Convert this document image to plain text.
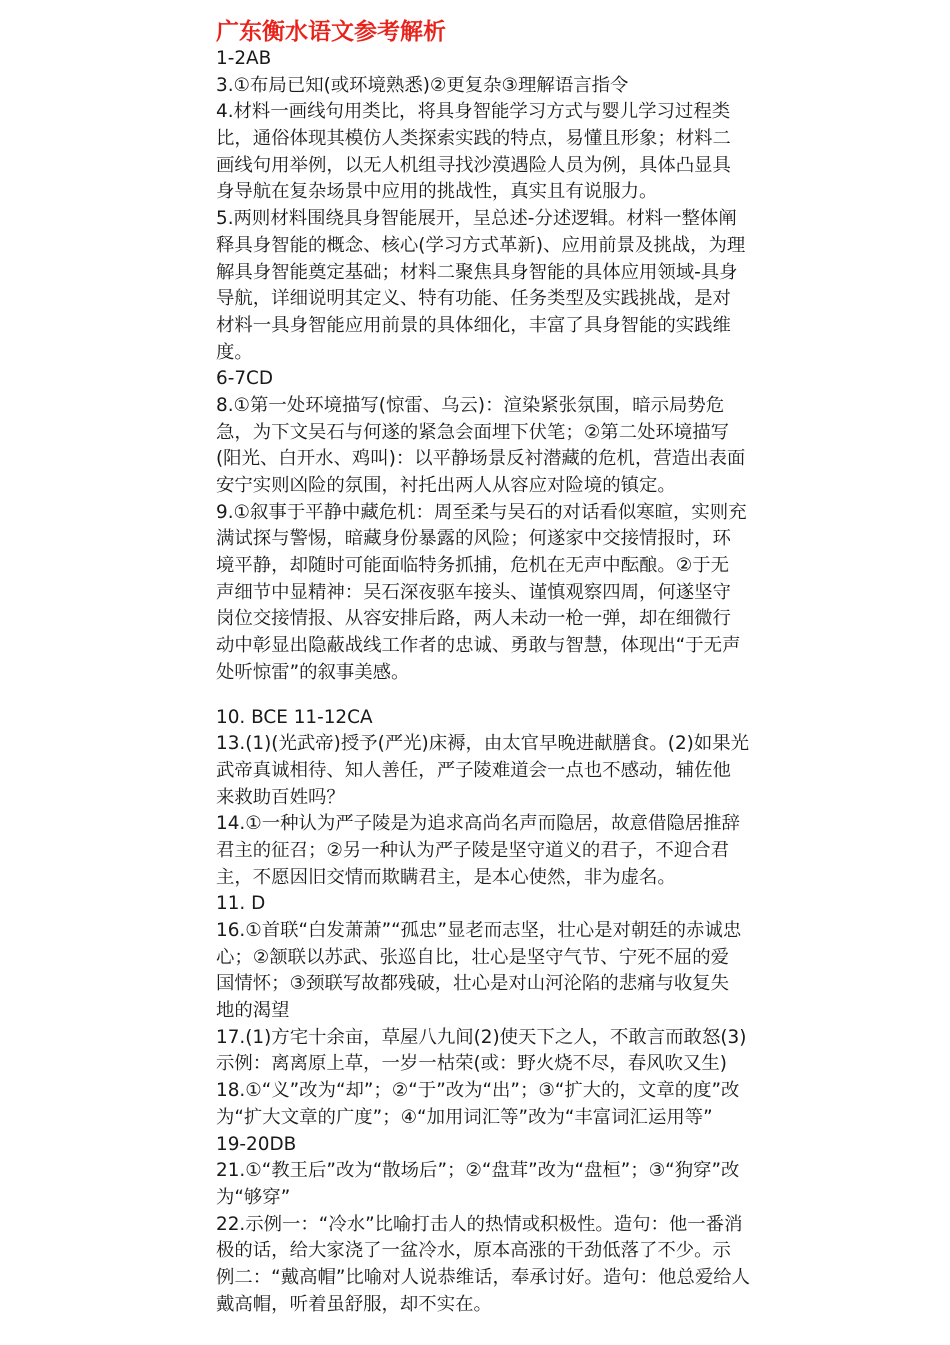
广东衡水语文参考解析
1-2AB
3.①布局已知(或环境熟悉)②更复杂③理解语言指令
4.材料一画线句用类比，将具身智能学习方式与婴儿学习过程类
比，通俗体现其模仿人类探索实践的特点，易懂且形象；材料二
画线句用举例，以无人机组寻找沙漠遇险人员为例，具体凸显具
身导航在复杂场景中应用的挑战性，真实且有说服力。
5.两则材料围绕具身智能展开，呈总述-分述逻辑。材料一整体阐
释具身智能的概念、核心(学习方式革新)、应用前景及挑战，为理
解具身智能奠定基础；材料二聚焦具身智能的具体应用领域-具身
导航，详细说明其定义、特有功能、任务类型及实践挑战，是对
材料一具身智能应用前景的具体细化，丰富了具身智能的实践维
度。
6-7CD
8.①第一处环境描写(惊雷、乌云)：渲染紧张氛围，暗示局势危
急，为下文吴石与何遂的紧急会面埋下伏笔；②第二处环境描写
(阳光、白开水、鸡叫)：以平静场景反衬潜藏的危机，营造出表面
安宁实则凶险的氛围，衬托出两人从容应对险境的镇定。
9.①叙事于平静中藏危机：周至柔与吴石的对话看似寒暄，实则充
满试探与警惕，暗藏身份暴露的风险；何遂家中交接情报时，环
境平静，却随时可能面临特务抓捕，危机在无声中酝酿。②于无
声细节中显精神：吴石深夜驱车接头、谨慎观察四周，何遂坚守
岗位交接情报、从容安排后路，两人未动一枪一弹，却在细微行
动中彰显出隐蔽战线工作者的忠诚、勇敢与智慧，体现出“于无声
处听惊雷”的叙事美感。
10. BCE 11-12CA
13.(1)(光武帝)授予(严光)床褥，由太官早晚进献膳食。(2)如果光
武帝真诚相待、知人善任，严子陵难道会一点也不感动，辅佐他
来救助百姓吗？
14.①一种认为严子陵是为追求高尚名声而隐居，故意借隐居推辞
君主的征召；②另一种认为严子陵是坚守道义的君子，不迎合君
主，不愿因旧交情而欺瞒君主，是本心使然，非为虚名。
11. D
16.①首联“白发萧萧”“孤忠”显老而志坚，壮心是对朝廷的赤诚忠
心；②颔联以苏武、张巡自比，壮心是坚守气节、宁死不屈的爱
国情怀；③颈联写故都残破，壮心是对山河沦陷的悲痛与收复失
地的渴望
17.(1)方宅十余亩，草屋八九间(2)使天下之人，不敢言而敢怒(3)
示例：离离原上草，一岁一枯荣(或：野火烧不尽，春风吹又生)
18.①“义”改为“却”；②“于”改为“出”；③“扩大的，文章的度”改
为“扩大文章的广度”；④“加用词汇等”改为“丰富词汇运用等”
19-20DB
21.①“教王后”改为“散场后”；②“盘茸”改为“盘桓”；③“狗穿”改
为“够穿”
22.示例一：“冷水”比喻打击人的热情或积极性。造句：他一番消
极的话，给大家浇了一盆冷水，原本高涨的干劲低落了不少。示
例二：“戴高帽”比喻对人说恭维话，奉承讨好。造句：他总爱给人
戴高帽，听着虽舒服，却不实在。
